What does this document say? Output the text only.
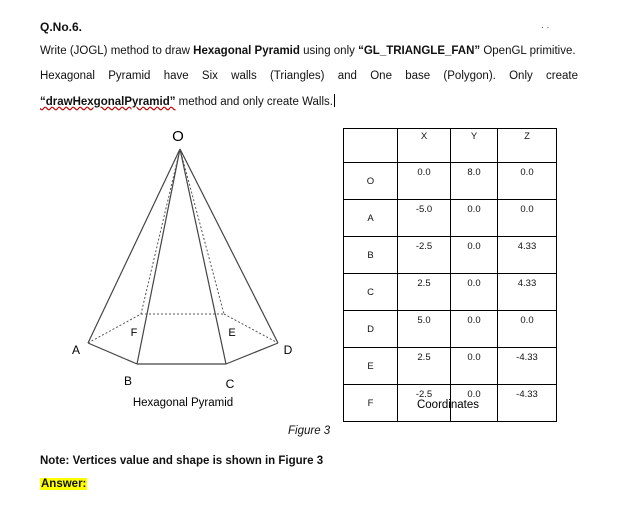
Q.No.6.	. .
Write (JOGL) method to draw Hexagonal Pyramid using only “GL_TRIANGLE_FAN” OpenGL primitive.
Hexagonal Pyramid have Six walls (Triangles) and One base (Polygon). Only create
“drawHexgonalPyramid” method and only create Walls.
O
A
B	C
D
E
F
Hexagonal Pyramid	Coordinates
	X	Y	Z
O	0.0	8.0	0.0
A	-5.0	0.0	0.0
B	-2.5	0.0	4.33
C	2.5	0.0	4.33
D	5.0	0.0	0.0
E	2.5	0.0	-4.33
F	-2.5	0.0	-4.33
Figure 3
Note: Vertices value and shape is shown in Figure 3
Answer:
